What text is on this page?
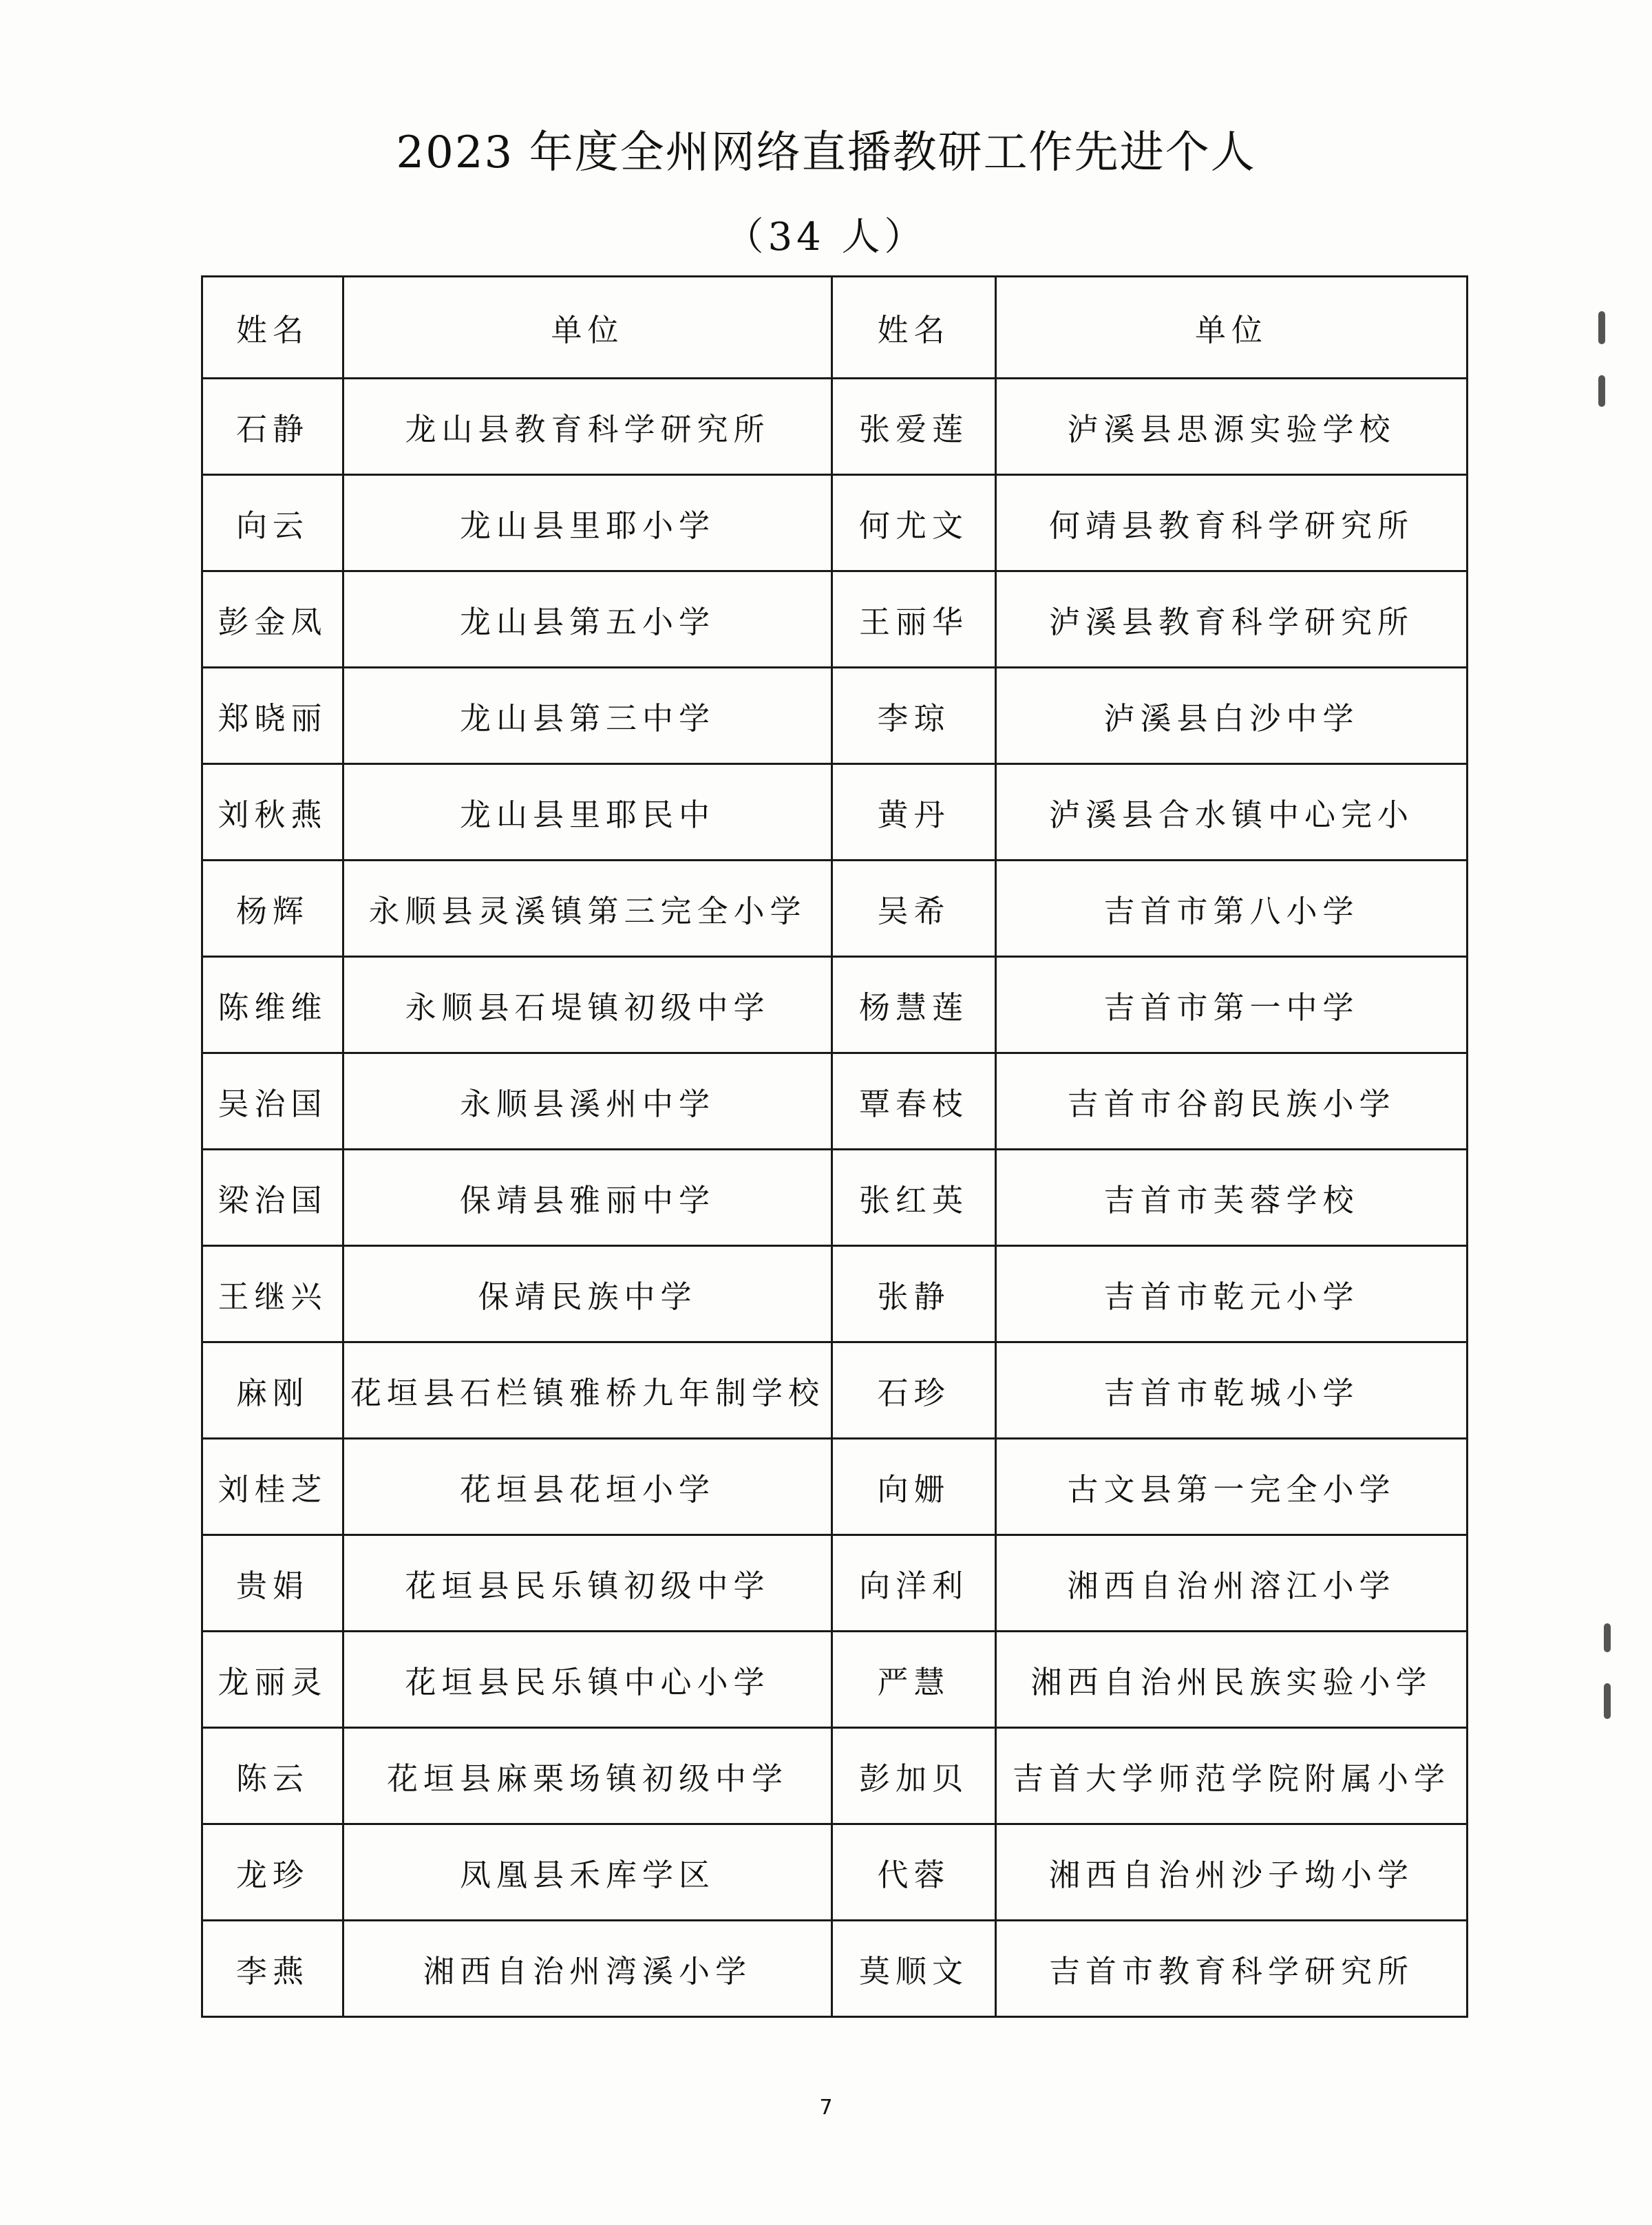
2023 年度全州网络直播教研工作先进个人
（34 人）
姓名	单位	姓名	单位
石静	龙山县教育科学研究所	张爱莲	泸溪县思源实验学校
向云	龙山县里耶小学	何尤文	何靖县教育科学研究所
彭金凤	龙山县第五小学	王丽华	泸溪县教育科学研究所
郑晓丽	龙山县第三中学	李琼	泸溪县白沙中学
刘秋燕	龙山县里耶民中	黄丹	泸溪县合水镇中心完小
杨辉	永顺县灵溪镇第三完全小学	吴希	吉首市第八小学
陈维维	永顺县石堤镇初级中学	杨慧莲	吉首市第一中学
吴治国	永顺县溪州中学	覃春枝	吉首市谷韵民族小学
梁治国	保靖县雅丽中学	张红英	吉首市芙蓉学校
王继兴	保靖民族中学	张静	吉首市乾元小学
麻刚	花垣县石栏镇雅桥九年制学校	石珍	吉首市乾城小学
刘桂芝	花垣县花垣小学	向姗	古文县第一完全小学
贵娟	花垣县民乐镇初级中学	向洋利	湘西自治州溶江小学
龙丽灵	花垣县民乐镇中心小学	严慧	湘西自治州民族实验小学
陈云	花垣县麻栗场镇初级中学	彭加贝	吉首大学师范学院附属小学
龙珍	凤凰县禾库学区	代蓉	湘西自治州沙子坳小学
李燕	湘西自治州湾溪小学	莫顺文	吉首市教育科学研究所
7
